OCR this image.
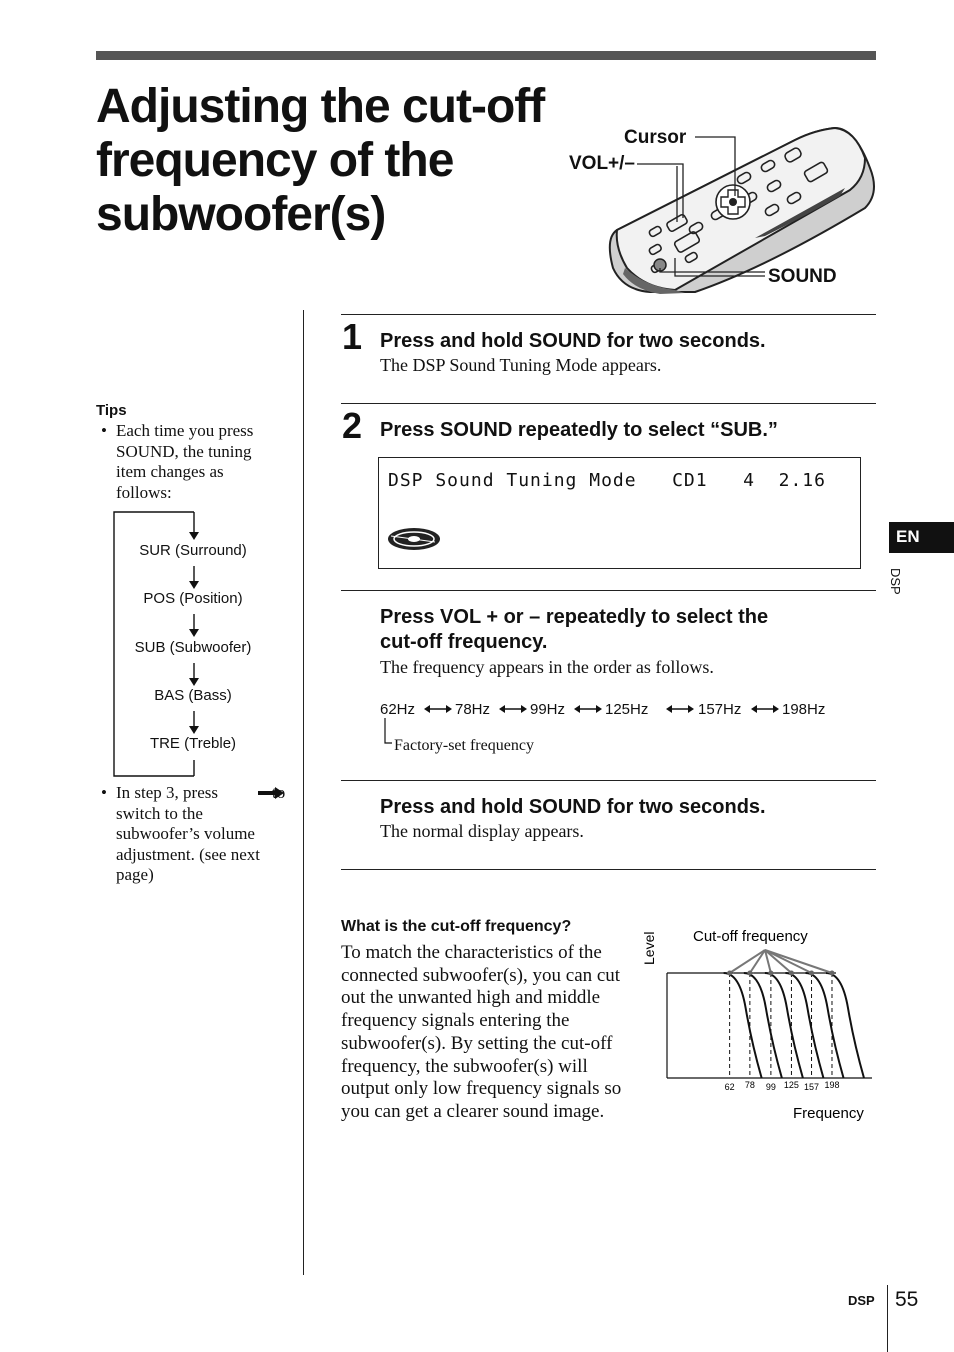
Adjusting the cut-off
frequency of the
subwoofer(s)
Cursor
VOL+/–
SOUND
1 Press and hold SOUND for two seconds.
The DSP Sound Tuning Mode appears.
2 Press SOUND repeatedly to select “SUB.”
DSP Sound Tuning Mode   CD1   4  2.16
Press VOL + or – repeatedly to select the
cut-off frequency.
The frequency appears in the order as follows.
62Hz	78Hz	99Hz	125Hz	157Hz	198Hz
Factory-set frequency
Press and hold SOUND for two seconds.
The normal display appears.
Tips
• Each time you press
SOUND, the tuning
item changes as
follows:
SUR (Surround)
POS (Position)
SUB (Subwoofer)
BAS (Bass)
TRE (Treble)
• In step 3, press	to
switch to the
subwoofer’s volume
adjustment. (see next
page)
EN
DSP
What is the cut-off frequency?
To match the characteristics of the connected subwoofer(s), you can cut out the unwanted high and middle frequency signals entering the subwoofer(s). By setting the cut-off frequency, the subwoofer(s) will output only low frequency signals so you can get a clearer sound image.
Cut-off frequency
Level
Frequency
62 78 99 125 157 198
DSP 55
